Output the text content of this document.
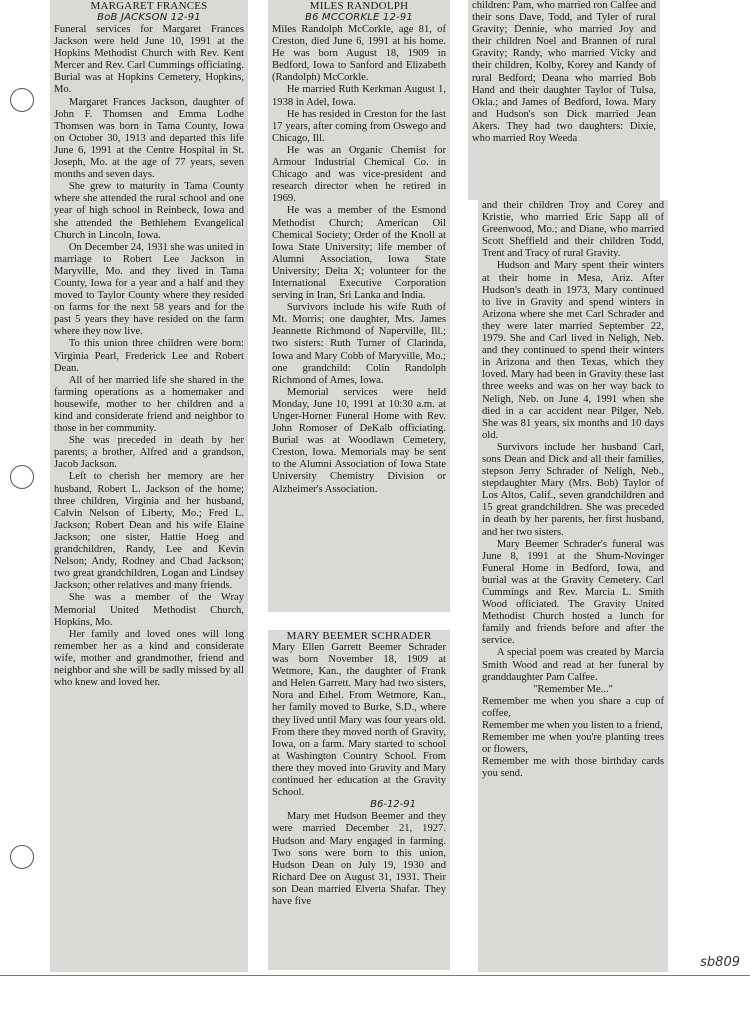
MARGARET FRANCES
BoB JACKSON 12-91

Funeral services for Margaret Frances Jackson were held June 10, 1991 at the Hopkins Methodist Church with Rev. Kent Mercer and Rev. Carl Cummings officiating. Burial was at Hopkins Cemetery, Hopkins, Mo.

Margaret Frances Jackson, daughter of John F. Thomsen and Emma Lodhe Thomsen was born in Tama County, Iowa on October 30, 1913 and departed this life June 6, 1991 at the Centre Hospital in St. Joseph, Mo. at the age of 77 years, seven months and seven days.

She grew to maturity in Tama County where she attended the rural school and one year of high school in Reinbeck, Iowa and she attended the Bethlehem Evangelical Church in Lincoln, Iowa.

On December 24, 1931 she was united in marriage to Robert Lee Jackson in Maryville, Mo. and they lived in Tama County, Iowa for a year and a half and they moved to Taylor County where they resided on farms for the next 58 years and for the past 5 years they have resided on the farm where they now live.

To this union three children were born: Virginia Pearl, Frederick Lee and Robert Dean.

All of her married life she shared in the farming operations as a homemaker and housewife, mother to her children and a kind and considerate friend and neighbor to those in her community.

She was preceded in death by her parents; a brother, Alfred and a grandson, Jacob Jackson.

Left to cherish her memory are her husband, Robert L. Jackson of the home; three children, Virginia and her husband, Calvin Nelson of Liberty, Mo.; Fred L. Jackson; Robert Dean and his wife Elaine Jackson; one sister, Hattie Hoeg and grandchildren, Randy, Lee and Kevin Nelson; Andy, Rodney and Chad Jackson; two great grandchildren, Logan and Lindsey Jackson; other relatives and many friends.

She was a member of the Wray Memorial United Methodist Church, Hopkins, Mo.

Her family and loved ones will long remember her as a kind and considerate wife, mother and grandmother, friend and neighbor and she will be sadly missed by all who knew and loved her.

MILES RANDOLPH
B6 MCCORKLE 12-91

Miles Randolph McCorkle, age 81, of Creston, died June 6, 1991 at his home. He was born August 18, 1909 in Bedford, Iowa to Sanford and Elizabeth (Randolph) McCorkle.

He married Ruth Kerkman August 1, 1938 in Adel, Iowa.

He has resided in Creston for the last 17 years, after coming from Oswego and Chicago, Ill.

He was an Organic Chemist for Armour Industrial Chemical Co. in Chicago and was vice-president and research director when he retired in 1969.

He was a member of the Esmond Methodist Church; American Oil Chemical Society; Order of the Knoll at Iowa State University; life member of Alumni Association, Iowa State University; Delta X; volunteer for the International Executive Corporation serving in Iran, Sri Lanka and India.

Survivors include his wife Ruth of Mt. Morris; one daughter, Mrs. James Jeannette Richmond of Naperville, Ill.; two sisters: Ruth Turner of Clarinda, Iowa and Mary Cobb of Maryville, Mo.; one grandchild: Colin Randolph Richmond of Ames, Iowa.

Memorial services were held Monday, June 10, 1991 at 10:30 a.m. at Unger-Horner Funeral Home with Rev. John Romoser of DeKalb officiating. Burial was at Woodlawn Cemetery, Creston, Iowa. Memorials may be sent to the Alumni Association of Iowa State University Chemistry Division or Alzheimer's Association.

MARY BEEMER SCHRADER

Mary Ellen Garrett Beemer Schrader was born November 18, 1909 at Wetmore, Kan., the daughter of Frank and Helen Garrett. Mary had two sisters, Nora and Ethel. From Wetmore, Kan., her family moved to Burke, S.D., where they lived until Mary was four years old. From there they moved north of Gravity, Iowa, on a farm. Mary started to school at Washington Country School. From there they moved into Gravity and Mary continued her education at the Gravity School.

B6-12-91

Mary met Hudson Beemer and they were married December 21, 1927. Hudson and Mary engaged in farming. Two sons were born to this union, Hudson Dean on July 19, 1930 and Richard Dee on August 31, 1931. Their son Dean married Elverta Shafar. They have five

children: Pam, who married ron Calfee and their sons Dave, Todd, and Tyler of rural Gravity; Dennie, who married Joy and their children Noel and Brannen of rural Gravity; Randy, who married Vicky and their children, Kolby, Korey and Kandy of rural Bedford; Deana who married Bob Hand and their daughter Taylor of Tulsa, Okla.; and James of Bedford, Iowa. Mary and Hudson's son Dick married Jean Akers. They had two daughters: Dixie, who married Roy Weeda

and their children Troy and Corey and Kristie, who married Eric Sapp all of Greenwood, Mo.; and Diane, who married Scott Sheffield and their children Todd, Trent and Tracy of rural Gravity.

Hudson and Mary spent their winters at their home in Mesa, Ariz. After Hudson's death in 1973, Mary continued to live in Gravity and spend winters in Arizona where she met Carl Schrader and they were later married September 22, 1979. She and Carl lived in Neligh, Neb. and they continued to spend their winters in Arizona and then Texas, which they loved. Mary had been in Gravity these last three weeks and was on her way back to Neligh, Neb. on June 4, 1991 when she died in a car accident near Pilger, Neb. She was 81 years, six months and 10 days old.

Survivors include her husband Carl, sons Dean and Dick and all their families, stepson Jerry Schrader of Neligh, Neb., stepdaughter Mary (Mrs. Bob) Taylor of Los Altos, Calif., seven grandchildren and 15 great grandchildren. She was preceded in death by her parents, her first husband, and her two sisters.

Mary Beemer Schrader's funeral was June 8, 1991 at the Shum-Novinger Funeral Home in Bedford, Iowa, and burial was at the Gravity Cemetery. Carl Cummings and Rev. Marcia L. Smith Wood officiated. The Gravity United Methodist Church hosted a lunch for family and friends before and after the service.

A special poem was created by Marcia Smith Wood and read at her funeral by granddaughter Pam Calfee.

"Remember Me..."

Remember me when you share a cup of coffee,

Remember me when you listen to a friend,

Remember me when you're planting trees or flowers,

Remember me with those birthday cards you send.

sb809
